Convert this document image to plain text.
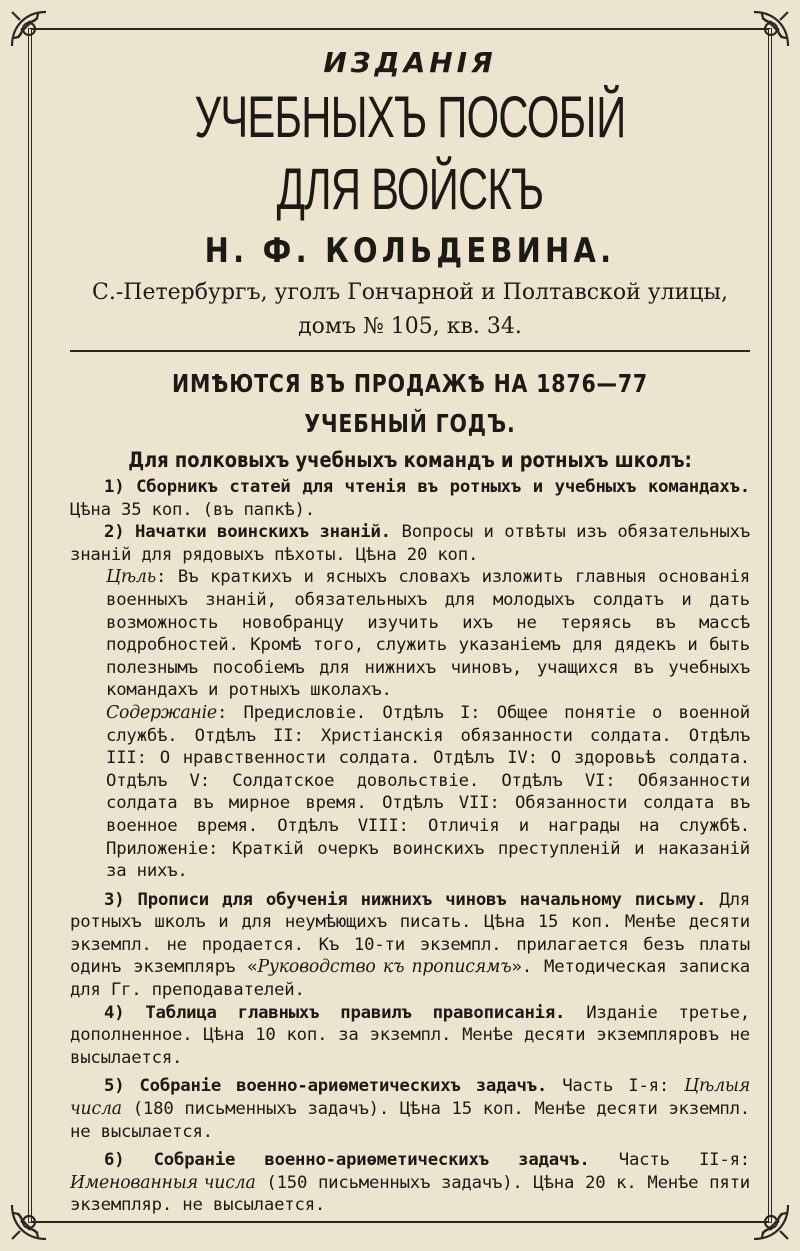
ИЗДАНІЯ
УЧЕБНЫХЪ ПОСОБІЙ ДЛЯ ВОЙСКЪ
Н. Ф. КОЛЬДЕВИНА.
С.-Петербургъ, уголъ Гончарной и Полтавской улицы,
домъ № 105, кв. 34.
ИМѢЮТСЯ ВЪ ПРОДАЖѢ НА 1876—77 УЧЕБНЫЙ ГОДЪ.
Для полковыхъ учебныхъ командъ и ротныхъ школъ:

1) Сборникъ статей для чтенія въ ротныхъ и учебныхъ командахъ. Цѣна 35 коп. (въ папкѣ).

2) Начатки воинскихъ знаній. Вопросы и отвѣты изъ обязательныхъ знаній для рядовыхъ пѣхоты. Цѣна 20 коп.

Цѣль: Въ краткихъ и ясныхъ словахъ изложить главныя основанія военныхъ знаній, обязательныхъ для молодыхъ солдатъ и дать возможность новобранцу изучить ихъ не теряясь въ массѣ подробностей. Кромѣ того, служить указаніемъ для дядекъ и быть полезнымъ пособіемъ для нижнихъ чиновъ, учащихся въ учебныхъ командахъ и ротныхъ школахъ.

Содержаніе: Предисловіе. Отдѣлъ I: Общее понятіе о военной службѣ. Отдѣлъ II: Христіанскія обязанности солдата. Отдѣлъ III: О нравственности солдата. Отдѣлъ IV: О здоровьѣ солдата. Отдѣлъ V: Солдатское довольствіе. Отдѣлъ VI: Обязанности солдата въ мирное время. Отдѣлъ VII: Обязанности солдата въ военное время. Отдѣлъ VIII: Отличія и награды на службѣ. Приложеніе: Краткій очеркъ воинскихъ преступленій и наказаній за нихъ.

3) Прописи для обученія нижнихъ чиновъ начальному письму. Для ротныхъ школъ и для неумѣющихъ писать. Цѣна 15 коп. Менѣе десяти экземпл. не продается. Къ 10-ти экземпл. прилагается безъ платы одинъ экземпляръ «Руководство къ прописямъ». Методическая записка для Гг. преподавателей.

4) Таблица главныхъ правилъ правописанія. Изданіе третье, дополненное. Цѣна 10 коп. за экземпл. Менѣе десяти экземпляровъ не высылается.

5) Собраніе военно-ариѳметическихъ задачъ. Часть I-я: Цѣлыя числа (180 письменныхъ задачъ). Цѣна 15 коп. Менѣе десяти экземпл. не высылается.

6) Собраніе военно-ариѳметическихъ задачъ. Часть II-я: Именованныя числа (150 письменныхъ задачъ). Цѣна 20 к. Менѣе пяти экземпляр. не высылается.
